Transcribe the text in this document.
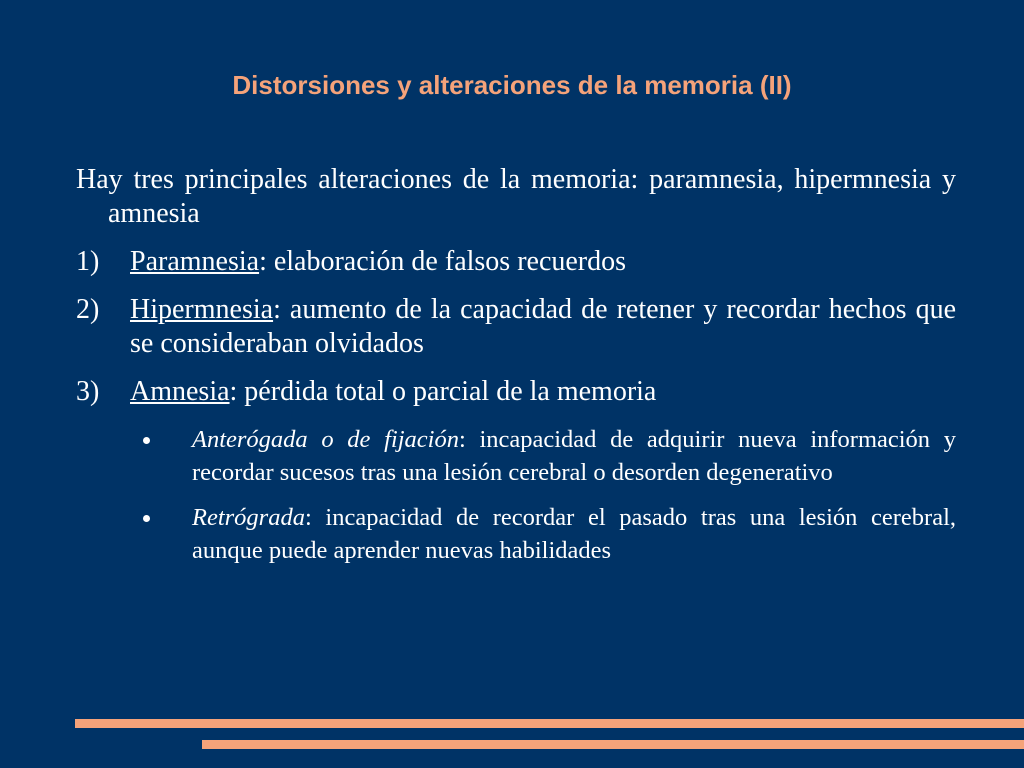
Distorsiones y alteraciones de la memoria (II)

Hay tres principales alteraciones de la memoria: paramnesia, hipermnesia y amnesia

1)	Paramnesia: elaboración de falsos recuerdos
2)	Hipermnesia: aumento de la capacidad de retener y recordar hechos que se consideraban olvidados
3)	Amnesia: pérdida total o parcial de la memoria
Anterógada o de fijación: incapacidad de adquirir nueva información y recordar sucesos tras una lesión cerebral o desorden degenerativo
Retrógrada: incapacidad de recordar el pasado tras una lesión cerebral, aunque puede aprender nuevas habilidades
